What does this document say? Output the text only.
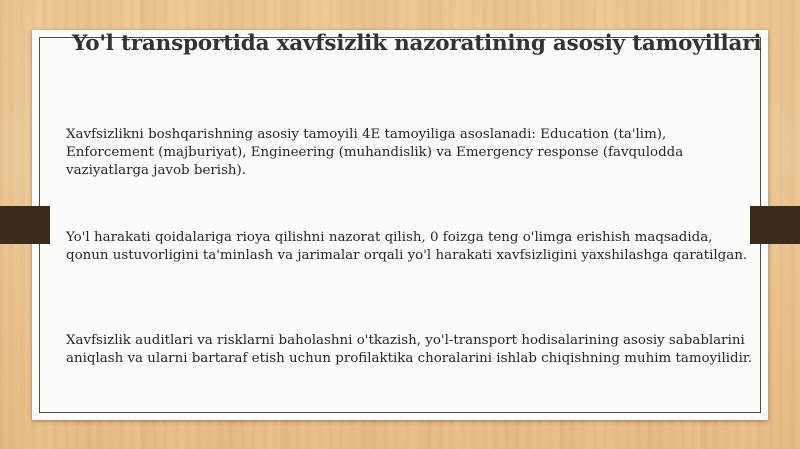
Yo'l transportida xavfsizlik nazoratining asosiy tamoyillari

Xavfsizlikni boshqarishning asosiy tamoyili 4E tamoyiliga asoslanadi: Education (ta'lim), Enforcement (majburiyat), Engineering (muhandislik) va Emergency response (favqulodda vaziyatlarga javob berish).

Yo'l harakati qoidalariga rioya qilishni nazorat qilish, 0 foizga teng o'limga erishish maqsadida, qonun ustuvorligini ta'minlash va jarimalar orqali yo'l harakati xavfsizligini yaxshilashga qaratilgan.

Xavfsizlik auditlari va risklarni baholashni o'tkazish, yo'l-transport hodisalarining asosiy sabablarini aniqlash va ularni bartaraf etish uchun profilaktika choralarini ishlab chiqishning muhim tamoyilidir.
